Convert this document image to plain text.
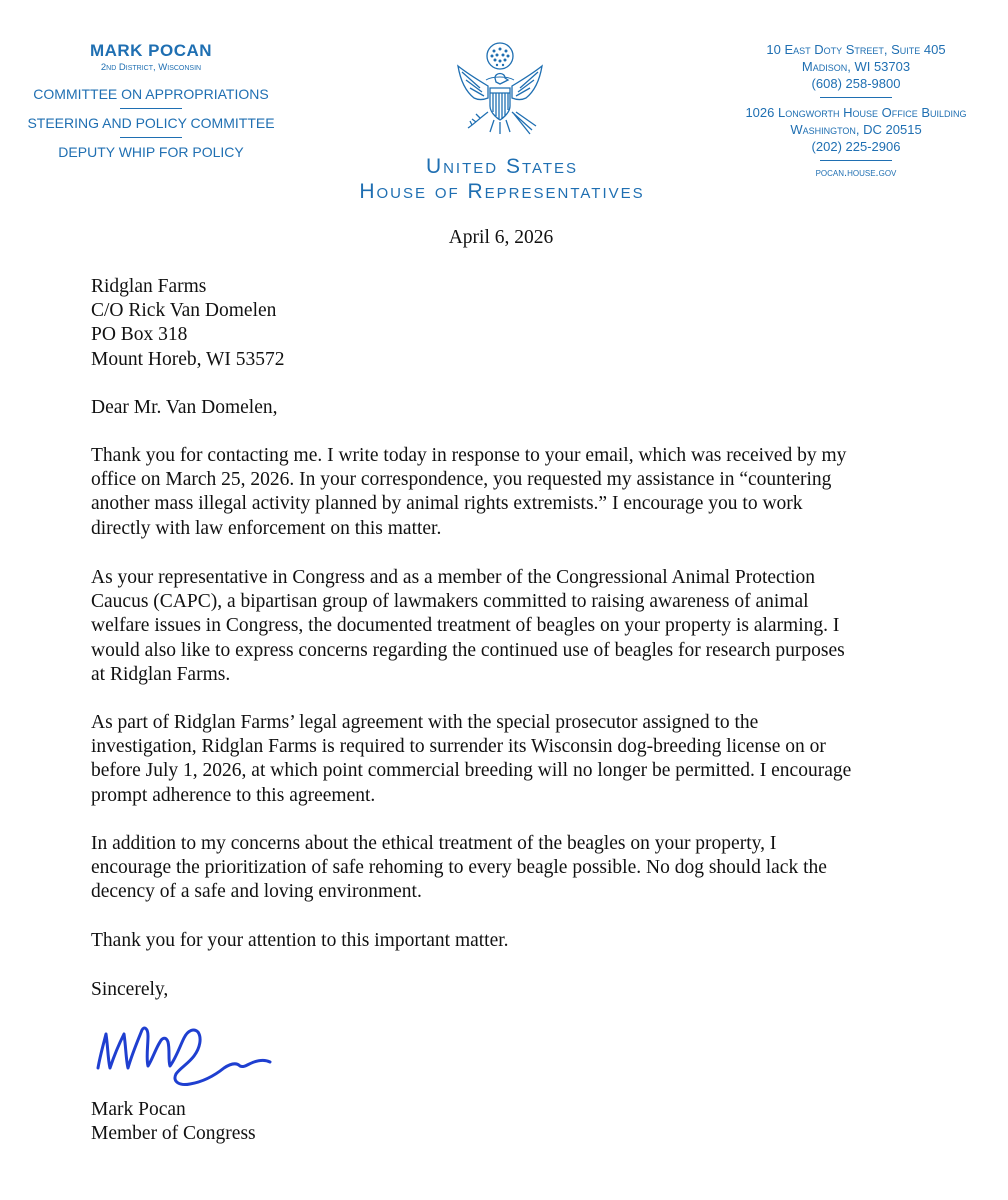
MARK POCAN
2nd District, Wisconsin
COMMITTEE ON APPROPRIATIONS
STEERING AND POLICY COMMITTEE
DEPUTY WHIP FOR POLICY
United States
House of Representatives
10 East Doty Street, Suite 405
Madison, WI 53703
(608) 258-9800
1026 Longworth House Office Building
Washington, DC 20515
(202) 225-2906
pocan.house.gov
April 6, 2026
Ridglan Farms
C/O Rick Van Domelen
PO Box 318
Mount Horeb, WI 53572
Dear Mr. Van Domelen,
Thank you for contacting me. I write today in response to your email, which was received by my
office on March 25, 2026. In your correspondence, you requested my assistance in “countering
another mass illegal activity planned by animal rights extremists.” I encourage you to work
directly with law enforcement on this matter.
As your representative in Congress and as a member of the Congressional Animal Protection
Caucus (CAPC), a bipartisan group of lawmakers committed to raising awareness of animal
welfare issues in Congress, the documented treatment of beagles on your property is alarming. I
would also like to express concerns regarding the continued use of beagles for research purposes
at Ridglan Farms.
As part of Ridglan Farms’ legal agreement with the special prosecutor assigned to the
investigation, Ridglan Farms is required to surrender its Wisconsin dog-breeding license on or
before July 1, 2026, at which point commercial breeding will no longer be permitted. I encourage
prompt adherence to this agreement.
In addition to my concerns about the ethical treatment of the beagles on your property, I
encourage the prioritization of safe rehoming to every beagle possible. No dog should lack the
decency of a safe and loving environment.
Thank you for your attention to this important matter.
Sincerely,
Mark Pocan
Member of Congress
